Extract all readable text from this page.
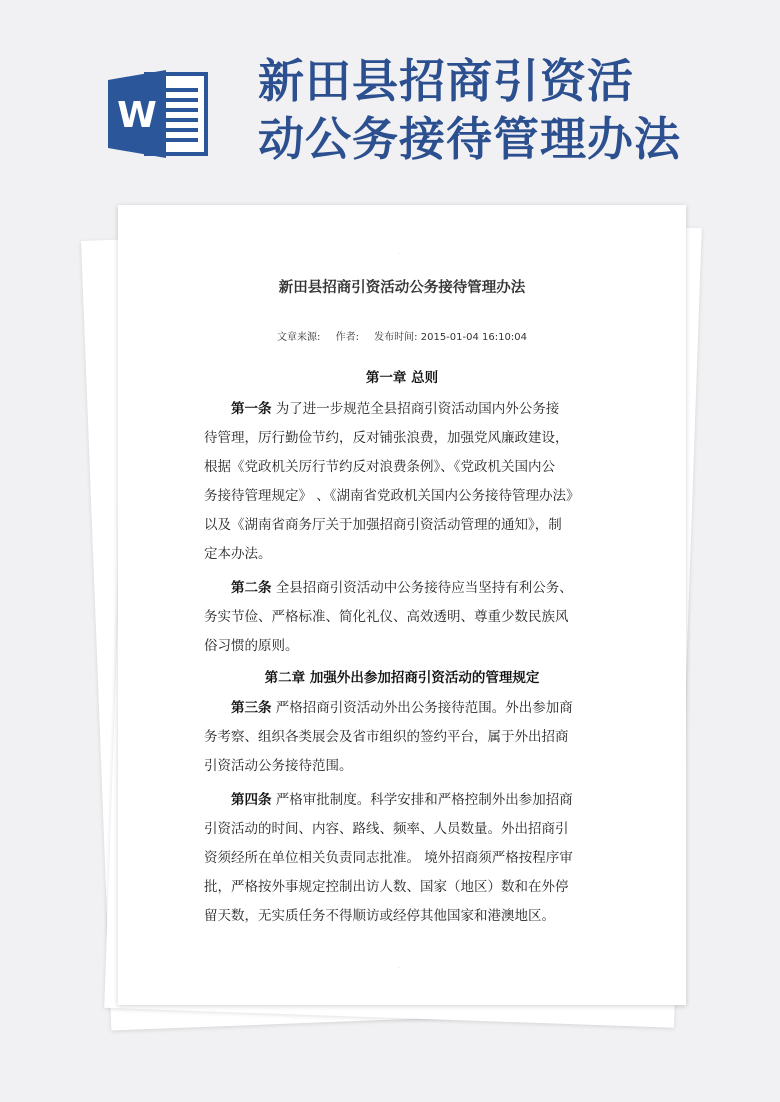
W
新田县招商引资活
动公务接待管理办法
·
新田县招商引资活动公务接待管理办法
文章来源: 作者: 发布时间: 2015-01-04 16:10:04
第一章 总则
第一条 为了进一步规范全县招商引资活动国内外公务接
待管理，厉行勤俭节约，反对铺张浪费，加强党风廉政建设，
根据《党政机关厉行节约反对浪费条例》、《党政机关国内公
务接待管理规定》 、《湖南省党政机关国内公务接待管理办法》
以及《湖南省商务厅关于加强招商引资活动管理的通知》，制
定本办法。
第二条 全县招商引资活动中公务接待应当坚持有利公务、
务实节俭、严格标准、简化礼仪、高效透明、尊重少数民族风
俗习惯的原则。
第二章 加强外出参加招商引资活动的管理规定
第三条 严格招商引资活动外出公务接待范围。外出参加商
务考察、组织各类展会及省市组织的签约平台，属于外出招商
引资活动公务接待范围。
第四条 严格审批制度。科学安排和严格控制外出参加招商
引资活动的时间、内容、路线、频率、人员数量。外出招商引
资须经所在单位相关负责同志批准。 境外招商须严格按程序审
批，严格按外事规定控制出访人数、国家（地区）数和在外停
留天数，无实质任务不得顺访或经停其他国家和港澳地区。
·
